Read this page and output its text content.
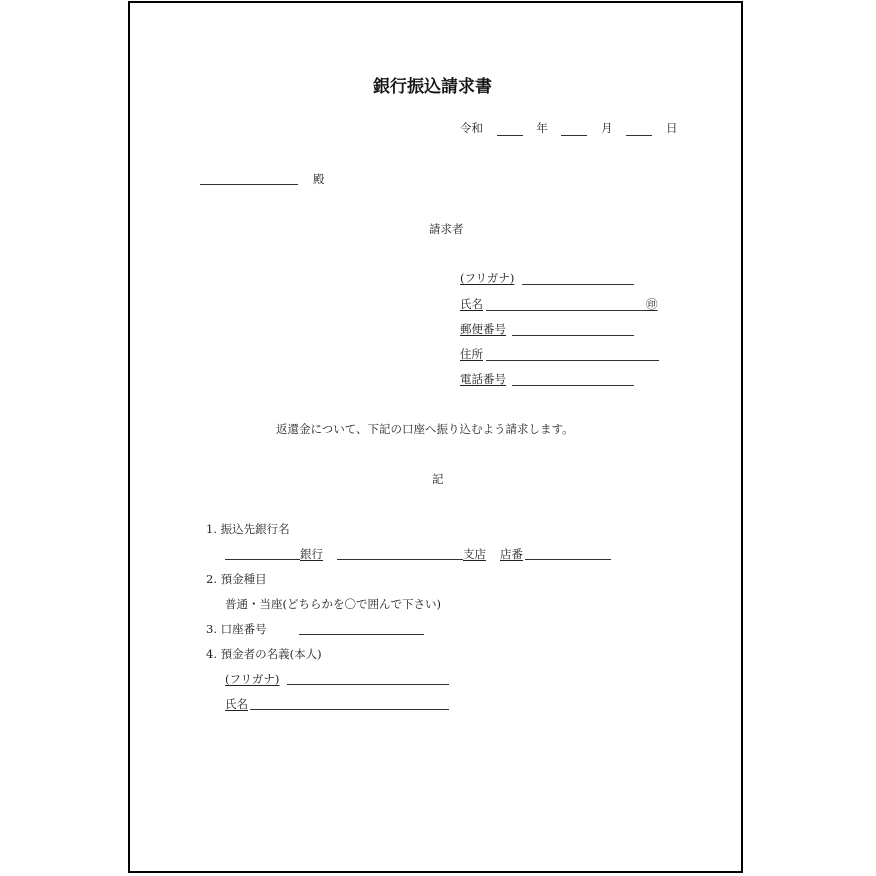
銀行振込請求書
令和	年	月	日
殿
請求者
(フリガナ)
氏名	㊞
郵便番号
住所
電話番号
返還金について、下記の口座へ振り込むよう請求します。
記
1. 振込先銀行名
銀行	支店 店番
2. 預金種目
普通・当座(どちらかを〇で囲んで下さい)
3. 口座番号
4. 預金者の名義(本人)
(フリガナ)
氏名
